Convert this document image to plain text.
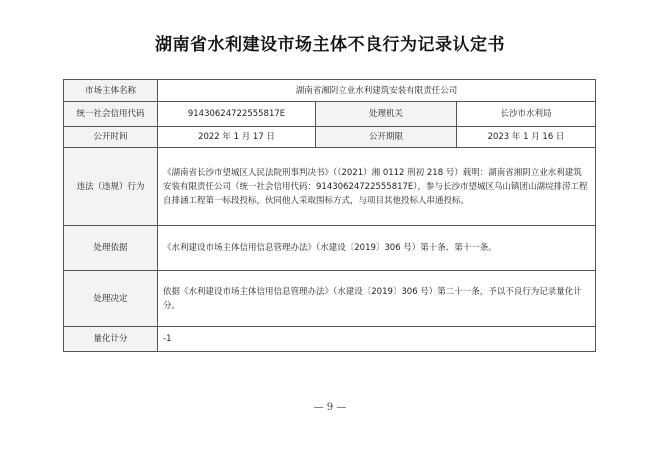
湖南省水利建设市场主体不良行为记录认定书
市场主体名称	湖南省湘阴立业水利建筑安装有限责任公司		
统一社会信用代码	91430624722555817E	处理机关	长沙市水利局
公开时间	2022 年 1 月 17 日	公开期限	2023 年 1 月 16 日
违法（违规）行为	《湖南省长沙市望城区人民法院刑事判决书》（（2021）湘 0112 刑初 218 号）载明：湖南省湘阴立业水利建筑安装有限责任公司（统一社会信用代码：91430624722555817E），参与长沙市望城区乌山镇团山湖垸排涝工程自排涵工程第一标段投标，伙同他人采取围标方式，与项目其他投标人串通投标。		
处理依据	《水利建设市场主体信用信息管理办法》（水建设〔2019〕306 号）第十条、第十一条。		
处理决定	依据《水利建设市场主体信用信息管理办法》（水建设〔2019〕306 号）第二十一条，予以不良行为记录量化计分。		
量化计分	-1		
— 9 —
